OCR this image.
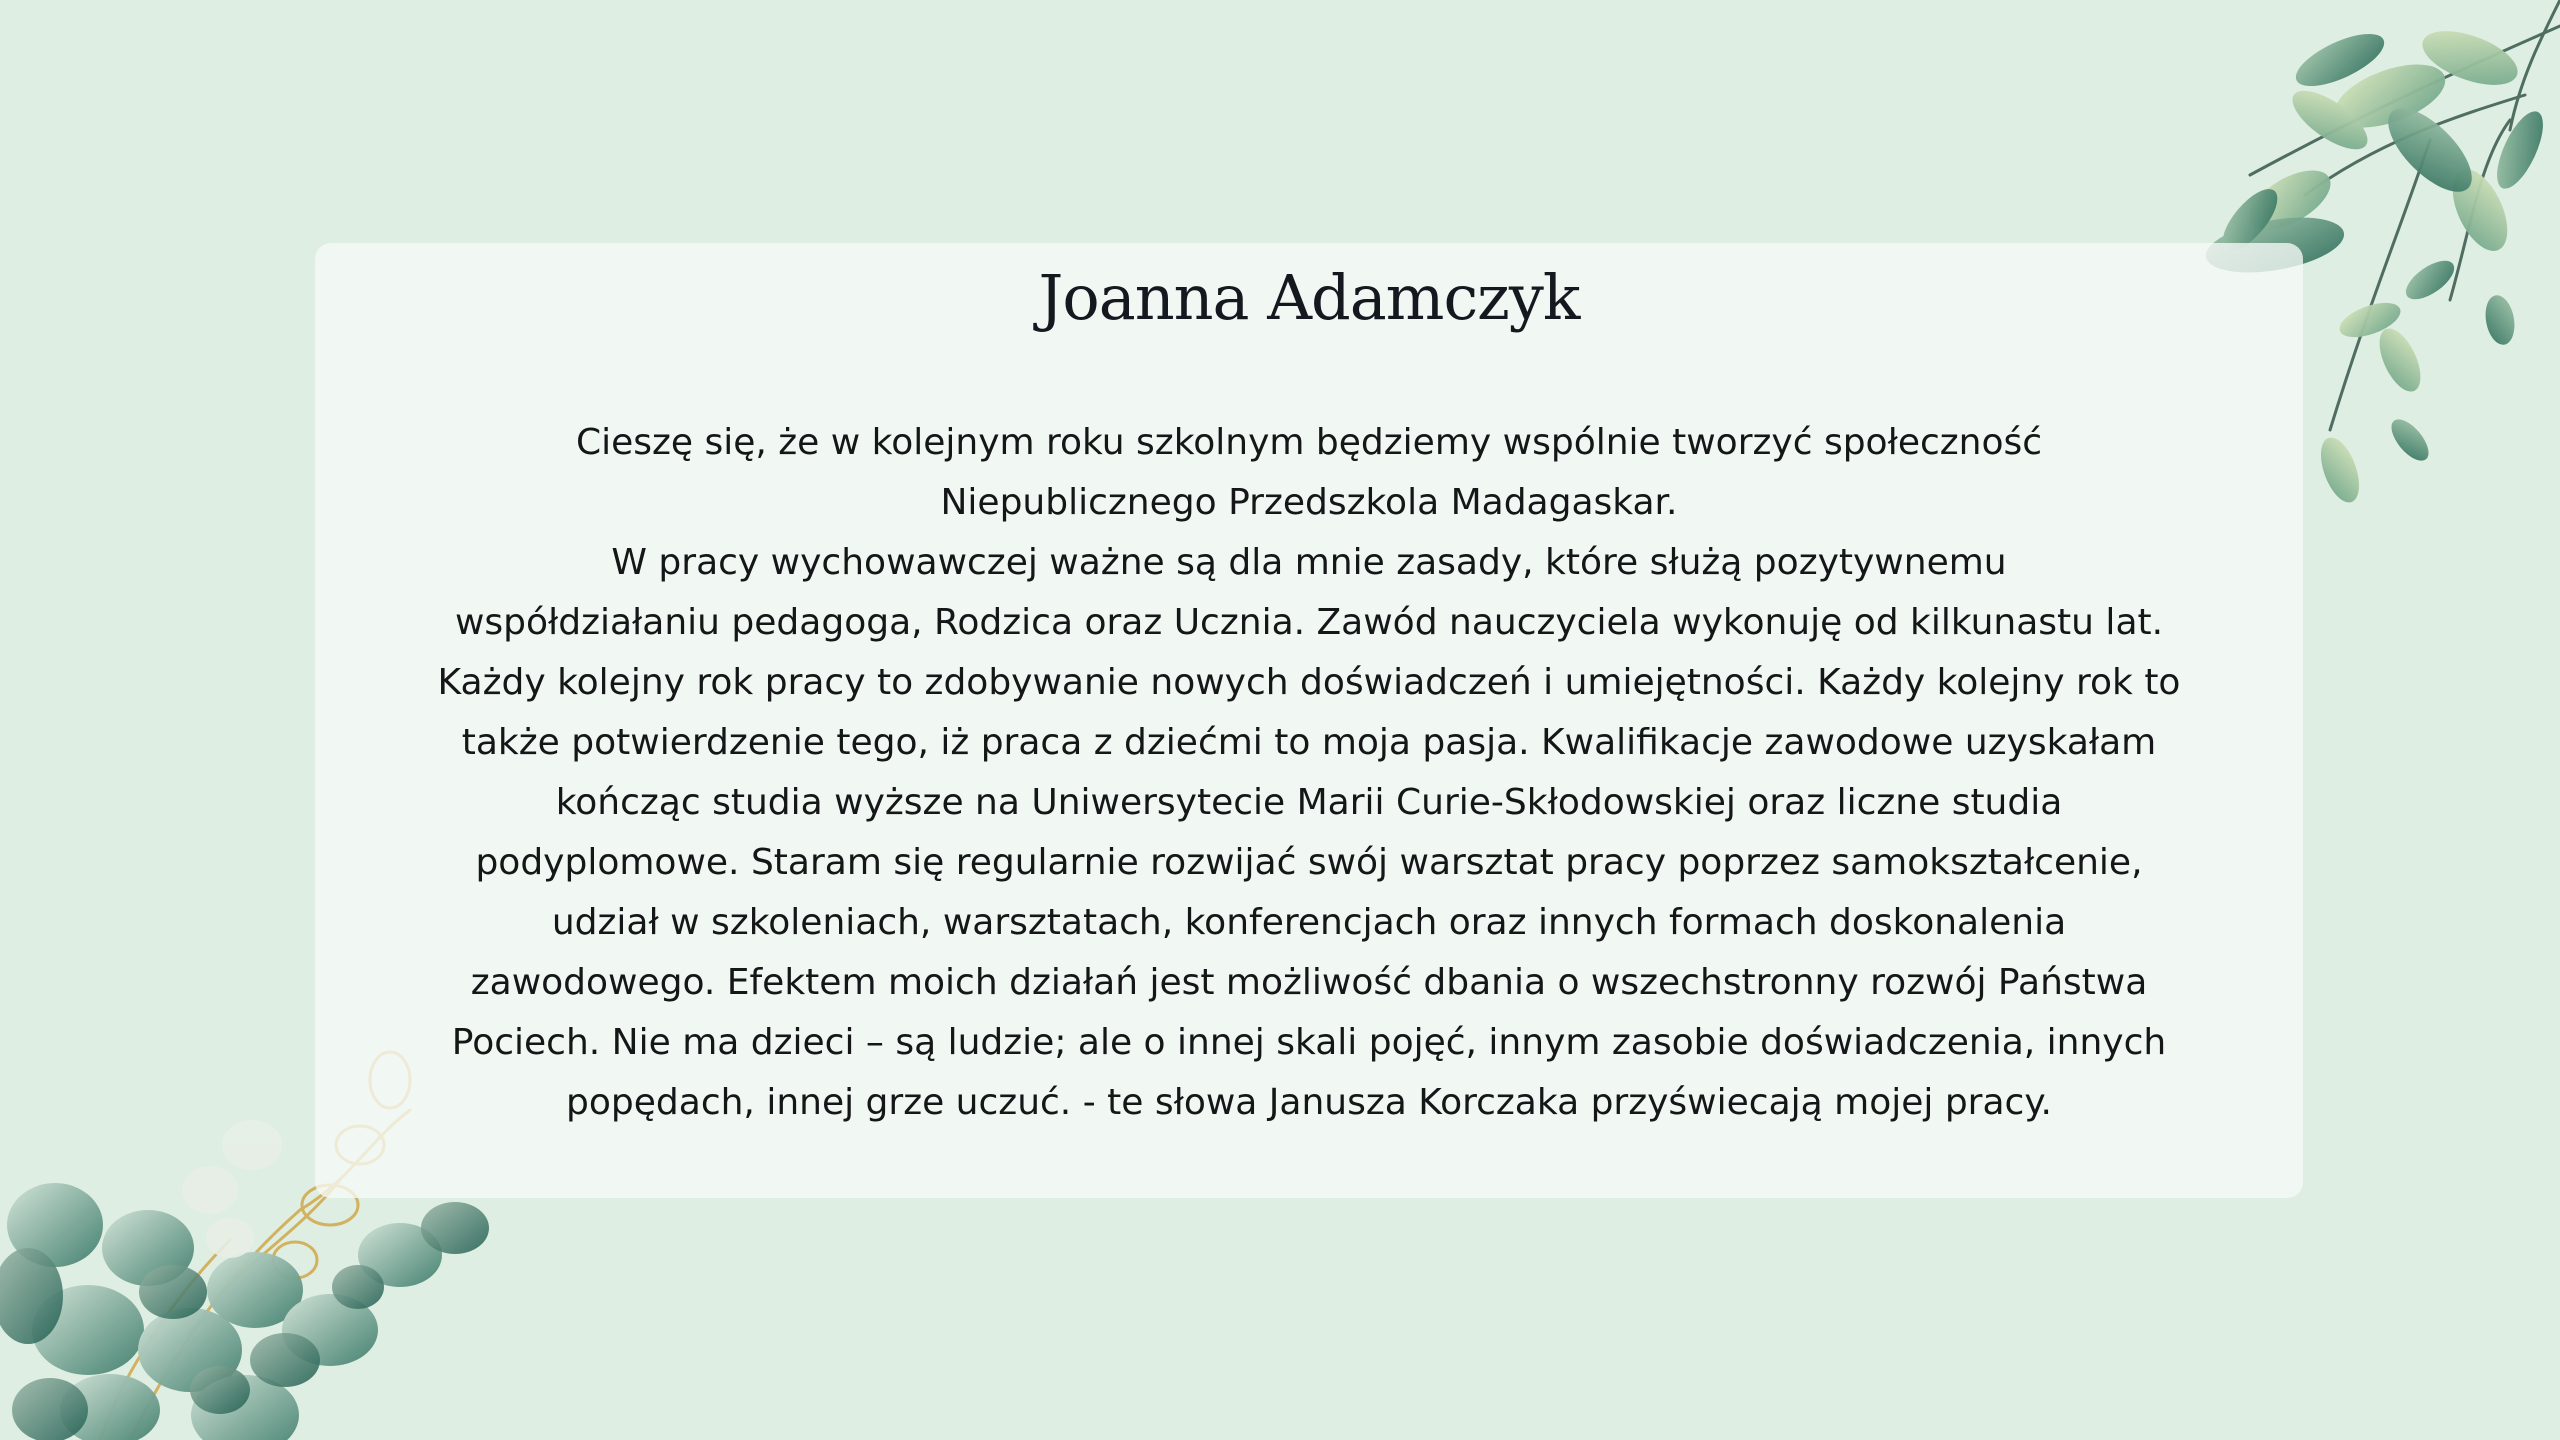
Joanna Adamczyk

Cieszę się, że w kolejnym roku szkolnym będziemy wspólnie tworzyć społeczność
Niepublicznego Przedszkola Madagaskar.
W pracy wychowawczej ważne są dla mnie zasady, które służą pozytywnemu
współdziałaniu pedagoga, Rodzica oraz Ucznia. Zawód nauczyciela wykonuję od kilkunastu lat.
Każdy kolejny rok pracy to zdobywanie nowych doświadczeń i umiejętności. Każdy kolejny rok to
także potwierdzenie tego, iż praca z dziećmi to moja pasja. Kwalifikacje zawodowe uzyskałam
kończąc studia wyższe na Uniwersytecie Marii Curie-Skłodowskiej oraz liczne studia
podyplomowe. Staram się regularnie rozwijać swój warsztat pracy poprzez samokształcenie,
udział w szkoleniach, warsztatach, konferencjach oraz innych formach doskonalenia
zawodowego. Efektem moich działań jest możliwość dbania o wszechstronny rozwój Państwa
Pociech. Nie ma dzieci – są ludzie; ale o innej skali pojęć, innym zasobie doświadczenia, innych
popędach, innej grze uczuć. - te słowa Janusza Korczaka przyświecają mojej pracy.
